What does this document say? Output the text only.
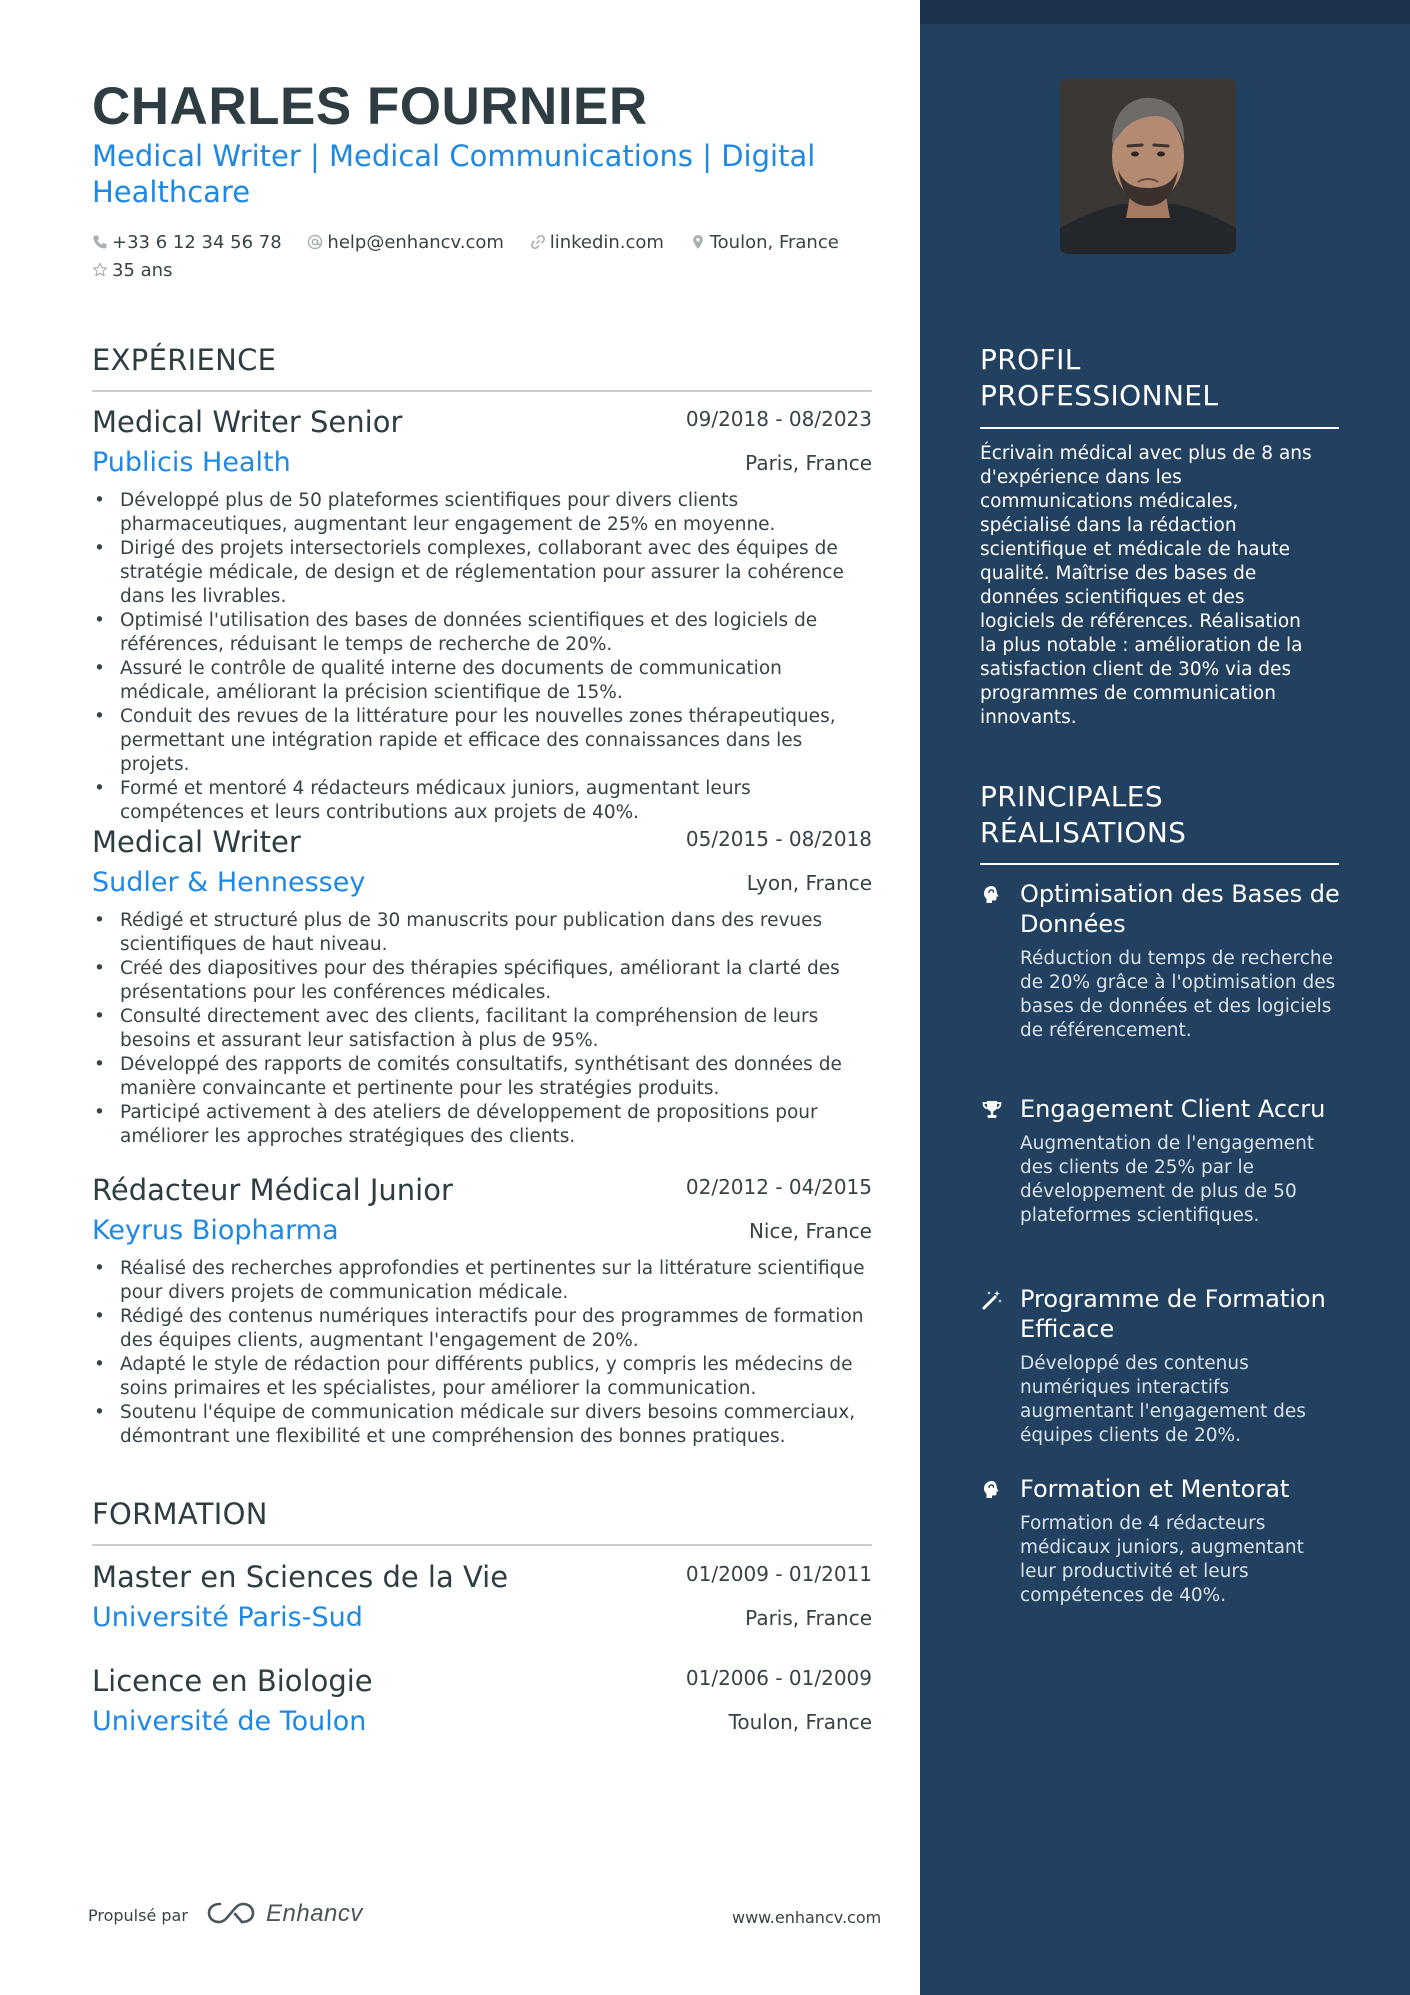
CHARLES FOURNIER

Medical Writer | Medical Communications | Digital Healthcare

+33 6 12 34 56 78	help@enhancv.com	linkedin.com	Toulon, France
35 ans
EXPÉRIENCE
Medical Writer Senior	09/2018 - 08/2023
Publicis Health	Paris, France
• Développé plus de 50 plateformes scientifiques pour divers clients pharmaceutiques, augmentant leur engagement de 25% en moyenne.
• Dirigé des projets intersectoriels complexes, collaborant avec des équipes de stratégie médicale, de design et de réglementation pour assurer la cohérence dans les livrables.
• Optimisé l'utilisation des bases de données scientifiques et des logiciels de références, réduisant le temps de recherche de 20%.
• Assuré le contrôle de qualité interne des documents de communication médicale, améliorant la précision scientifique de 15%.
• Conduit des revues de la littérature pour les nouvelles zones thérapeutiques, permettant une intégration rapide et efficace des connaissances dans les projets.
• Formé et mentoré 4 rédacteurs médicaux juniors, augmentant leurs compétences et leurs contributions aux projets de 40%.
Medical Writer	05/2015 - 08/2018
Sudler & Hennessey	Lyon, France
• Rédigé et structuré plus de 30 manuscrits pour publication dans des revues scientifiques de haut niveau.
• Créé des diapositives pour des thérapies spécifiques, améliorant la clarté des présentations pour les conférences médicales.
• Consulté directement avec des clients, facilitant la compréhension de leurs besoins et assurant leur satisfaction à plus de 95%.
• Développé des rapports de comités consultatifs, synthétisant des données de manière convaincante et pertinente pour les stratégies produits.
• Participé activement à des ateliers de développement de propositions pour améliorer les approches stratégiques des clients.
Rédacteur Médical Junior	02/2012 - 04/2015
Keyrus Biopharma	Nice, France
• Réalisé des recherches approfondies et pertinentes sur la littérature scientifique pour divers projets de communication médicale.
• Rédigé des contenus numériques interactifs pour des programmes de formation des équipes clients, augmentant l'engagement de 20%.
• Adapté le style de rédaction pour différents publics, y compris les médecins de soins primaires et les spécialistes, pour améliorer la communication.
• Soutenu l'équipe de communication médicale sur divers besoins commerciaux, démontrant une flexibilité et une compréhension des bonnes pratiques.
FORMATION
Master en Sciences de la Vie	01/2009 - 01/2011
Université Paris-Sud	Paris, France
Licence en Biologie	01/2006 - 01/2009
Université de Toulon	Toulon, France
Propulsé par	Enhancv	www.enhancv.com
PROFIL PROFESSIONNEL

Écrivain médical avec plus de 8 ans d'expérience dans les communications médicales, spécialisé dans la rédaction scientifique et médicale de haute qualité. Maîtrise des bases de données scientifiques et des logiciels de références. Réalisation la plus notable : amélioration de la satisfaction client de 30% via des programmes de communication innovants.

PRINCIPALES RÉALISATIONS

Optimisation des Bases de Données

Réduction du temps de recherche de 20% grâce à l'optimisation des bases de données et des logiciels de référencement.

Engagement Client Accru

Augmentation de l'engagement des clients de 25% par le développement de plus de 50 plateformes scientifiques.

Programme de Formation Efficace

Développé des contenus numériques interactifs augmentant l'engagement des équipes clients de 20%.

Formation et Mentorat

Formation de 4 rédacteurs médicaux juniors, augmentant leur productivité et leurs compétences de 40%.
